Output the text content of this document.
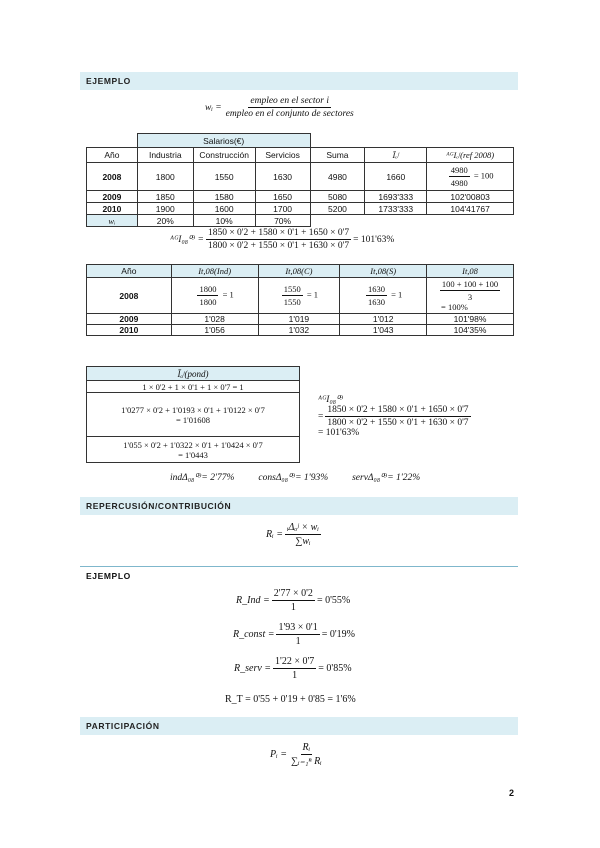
EJEMPLO
wᵢ = $\frac{\text{empleo en el sector i}}{\text{empleo en el conjunto de sectores}}$
	Salarios(€)					
Año	Industria	Construcción	Servicios	Suma	Īₒʲ	ᴬᴳIₒʲ(ref 2008)
2008	1800	1550	1630	4980	1660	$\frac{4980}{4980} = 100$
2009	1850	1580	1650	5080	1693'333	102'00803
2010	1900	1600	1700	5200	1733'333	104'41767
wᵢ	20%	10%	70%			
ᴬᴳI₀₈⁰⁹ = $\frac{1850 \times 0'2 + 1580 \times 0'1 + 1650 \times 0'7}{1800 \times 0'2 + 1550 \times 0'1 + 1630 \times 0'7} = 101'63\%$
Año	It,08(Ind)	It,08(C)	It,08(S)	It,08
2008	$\frac{1800}{1800} = 1$	$\frac{1550}{1550} = 1$	$\frac{1630}{1630} = 1$	$\frac{100 + 100 + 100}{3}$
= 100%

2009	1'028	1'019	1'012	101'98%
2010	1'056	1'032	1'043	104'35%
Īₒʲ(pond)
1 × 0'2 + 1 × 0'1 + 1 × 0'7 = 1

1'0277 × 0'2 + 1'0193 × 0'1 + 1'0122 × 0'7
= 1'01608

1'055 × 0'2 + 1'0322 × 0'1 + 1'0424 × 0'7
= 1'0443
ᴬᴳI₀₈⁰⁹
= $\frac{1850 \times 0'2 + 1580 \times 0'1 + 1650 \times 0'7}{1800 \times 0'2 + 1550 \times 0'1 + 1630 \times 0'7}$
= 101'63%
indΔ₀₈⁰⁹= 2'77%	consΔ₀₈⁰⁹= 1'93%	servΔ₀₈⁰⁹= 1'22%
REPERCUSIÓN/CONTRIBUCIÓN
Rᵢ = $\frac{\text{ᵢΔₒʲ × wᵢ}}{\text{∑wᵢ}}$
EJEMPLO
R_Ind = $\frac{2'77 \times 0'2}{1} = 0'55\%$
R_const = $\frac{1'93 \times 0'1}{1} = 0'19\%$
R_serv = $\frac{1'22 \times 0'7}{1} = 0'85\%$
R_T = 0'55 + 0'19 + 0'85 = 1'6%
PARTICIPACIÓN
Pᵢ = $\frac{\text{Rᵢ}}{\text{∑ᵢ₌₁ⁿ Rᵢ}}$
2
